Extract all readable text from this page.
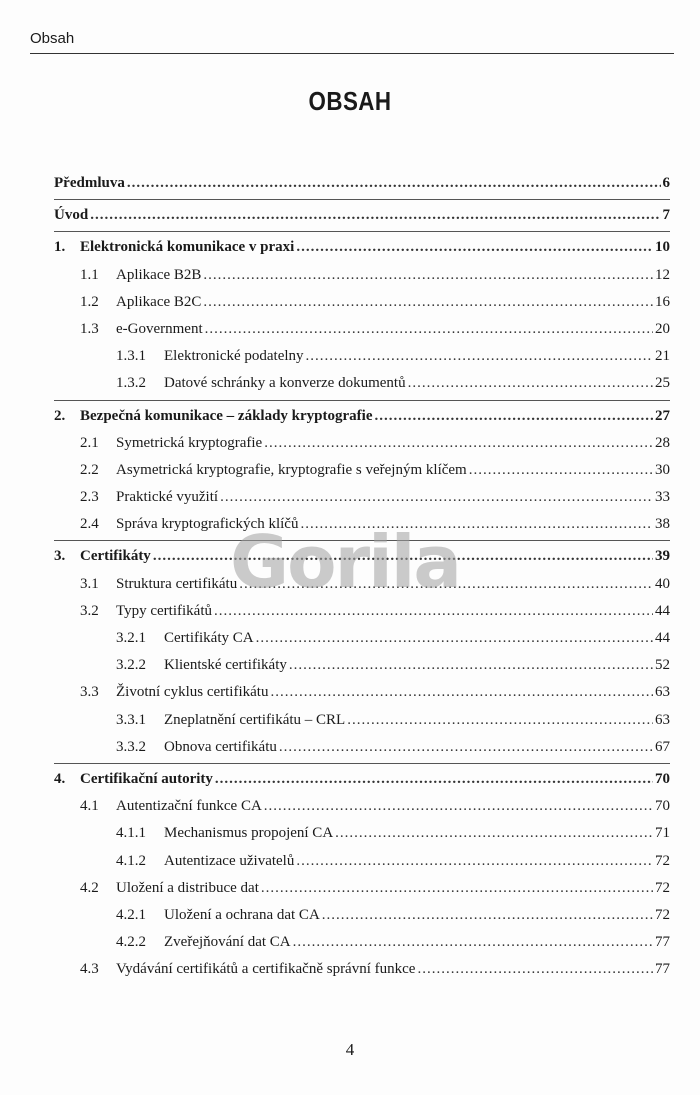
Obsah
OBSAH
Předmluva .....	6
Úvod .....	7
1. Elektronická komunikace v praxi .....	10
1.1	Aplikace B2B .....	12
1.2	Aplikace B2C .....	16
1.3	e-Government .....	20
1.3.1	Elektronické podatelny .....	21
1.3.2	Datové schránky a konverze dokumentů .....	25
2. Bezpečná komunikace – základy kryptografie .....	27
2.1	Symetrická kryptografie .....	28
2.2	Asymetrická kryptografie, kryptografie s veřejným klíčem .....	30
2.3	Praktické využití .....	33
2.4	Správa kryptografických klíčů .....	38
3. Certifikáty .....	39
3.1	Struktura certifikátu .....	40
3.2	Typy certifikátů .....	44
3.2.1	Certifikáty CA .....	44
3.2.2	Klientské certifikáty .....	52
3.3	Životní cyklus certifikátu .....	63
3.3.1	Zneplatnění certifikátu – CRL .....	63
3.3.2	Obnova certifikátu .....	67
4. Certifikační autority .....	70
4.1	Autentizační funkce CA .....	70
4.1.1	Mechanismus propojení CA .....	71
4.1.2	Autentizace uživatelů .....	72
4.2	Uložení a distribuce dat .....	72
4.2.1	Uložení a ochrana dat CA .....	72
4.2.2	Zveřejňování dat CA .....	77
4.3	Vydávání certifikátů a certifikačně správní funkce .....	77
Gorila
4
